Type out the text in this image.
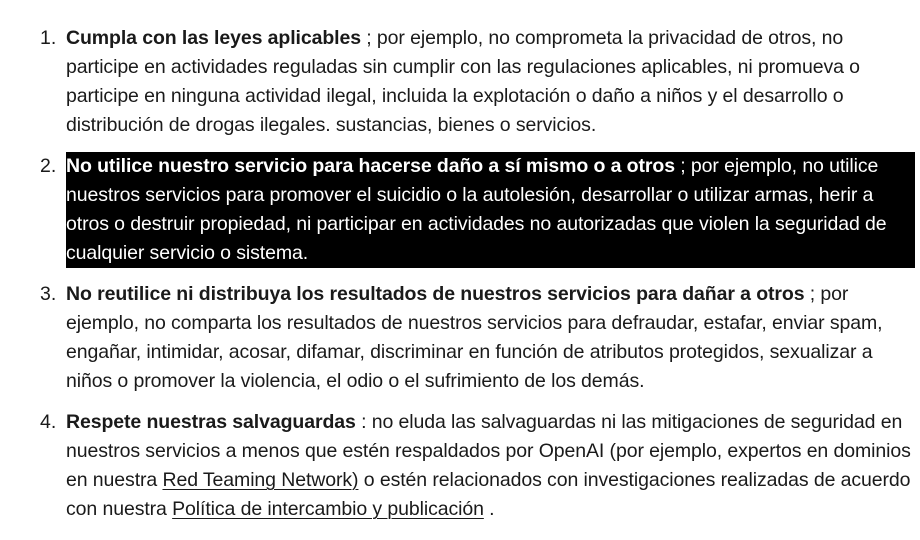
1. Cumpla con las leyes aplicables ; por ejemplo, no comprometa la privacidad de otros, no participe en actividades reguladas sin cumplir con las regulaciones aplicables, ni promueva o participe en ninguna actividad ilegal, incluida la explotación o daño a niños y el desarrollo o distribución de drogas ilegales. sustancias, bienes o servicios.
2. No utilice nuestro servicio para hacerse daño a sí mismo o a otros ; por ejemplo, no utilice nuestros servicios para promover el suicidio o la autolesión, desarrollar o utilizar armas, herir a otros o destruir propiedad, ni participar en actividades no autorizadas que violen la seguridad de cualquier servicio o sistema.
3. No reutilice ni distribuya los resultados de nuestros servicios para dañar a otros ; por ejemplo, no comparta los resultados de nuestros servicios para defraudar, estafar, enviar spam, engañar, intimidar, acosar, difamar, discriminar en función de atributos protegidos, sexualizar a niños o promover la violencia, el odio o el sufrimiento de los demás.
4. Respete nuestras salvaguardas : no eluda las salvaguardas ni las mitigaciones de seguridad en nuestros servicios a menos que estén respaldados por OpenAI (por ejemplo, expertos en dominios en nuestra Red Teaming Network) o estén relacionados con investigaciones realizadas de acuerdo con nuestra Política de intercambio y publicación .
